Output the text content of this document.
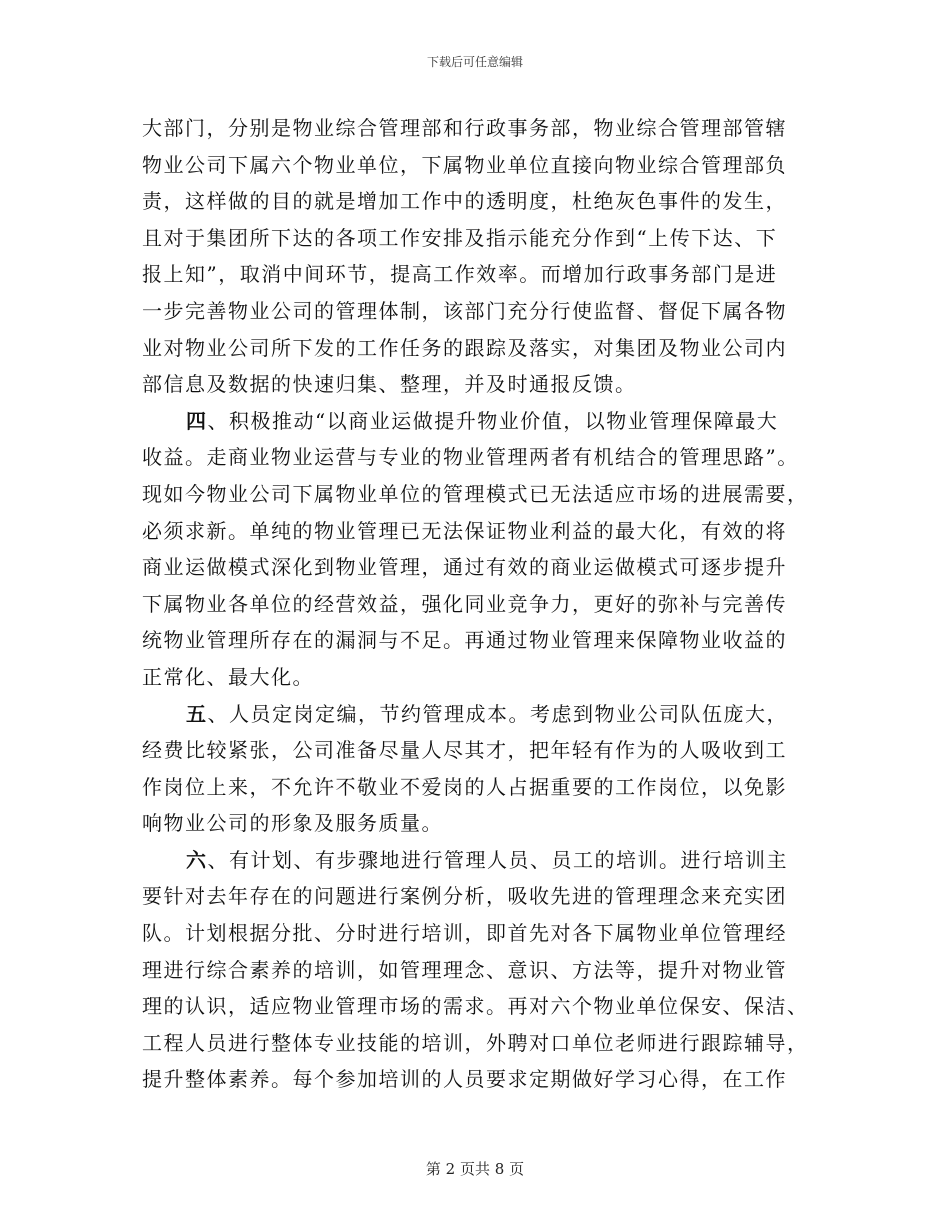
下载后可任意编辑
大部门，分别是物业综合管理部和行政事务部，物业综合管理部管辖
物业公司下属六个物业单位，下属物业单位直接向物业综合管理部负
责，这样做的目的就是增加工作中的透明度，杜绝灰色事件的发生，
且对于集团所下达的各项工作安排及指示能充分作到“上传下达、下
报上知”，取消中间环节，提高工作效率。而增加行政事务部门是进
一步完善物业公司的管理体制，该部门充分行使监督、督促下属各物
业对物业公司所下发的工作任务的跟踪及落实，对集团及物业公司内
部信息及数据的快速归集、整理，并及时通报反馈。
四、积极推动“以商业运做提升物业价值，以物业管理保障最大
收益。走商业物业运营与专业的物业管理两者有机结合的管理思路”。
现如今物业公司下属物业单位的管理模式已无法适应市场的进展需要，
必须求新。单纯的物业管理已无法保证物业利益的最大化，有效的将
商业运做模式深化到物业管理，通过有效的商业运做模式可逐步提升
下属物业各单位的经营效益，强化同业竞争力，更好的弥补与完善传
统物业管理所存在的漏洞与不足。再通过物业管理来保障物业收益的
正常化、最大化。
五、人员定岗定编，节约管理成本。考虑到物业公司队伍庞大，
经费比较紧张，公司准备尽量人尽其才，把年轻有作为的人吸收到工
作岗位上来，不允许不敬业不爱岗的人占据重要的工作岗位，以免影
响物业公司的形象及服务质量。
六、有计划、有步骤地进行管理人员、员工的培训。进行培训主
要针对去年存在的问题进行案例分析，吸收先进的管理理念来充实团
队。计划根据分批、分时进行培训，即首先对各下属物业单位管理经
理进行综合素养的培训，如管理理念、意识、方法等，提升对物业管
理的认识，适应物业管理市场的需求。再对六个物业单位保安、保洁、
工程人员进行整体专业技能的培训，外聘对口单位老师进行跟踪辅导，
提升整体素养。每个参加培训的人员要求定期做好学习心得，在工作
第 2 页共 8 页
